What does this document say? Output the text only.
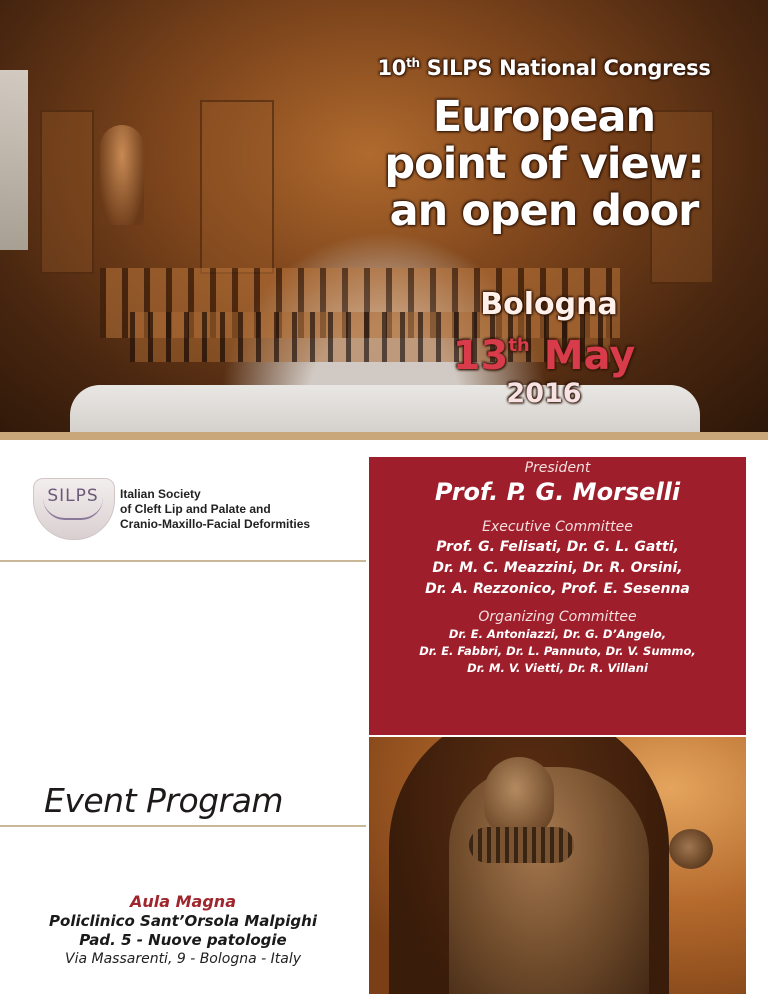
10th SILPS National Congress
European
point of view:
an open door
Bologna
13th May
2016
SILPS	Italian Society
of Cleft Lip and Palate and
Cranio-Maxillo-Facial Deformities
Event Program
Aula Magna
Policlinico Sant’Orsola Malpighi
Pad. 5 - Nuove patologie
Via Massarenti, 9 - Bologna - Italy
President
Prof. P. G. Morselli
Executive Committee
Prof. G. Felisati, Dr. G. L. Gatti,
Dr. M. C. Meazzini, Dr. R. Orsini,
Dr. A. Rezzonico, Prof. E. Sesenna
Organizing Committee
Dr. E. Antoniazzi, Dr. G. D’Angelo,
Dr. E. Fabbri, Dr. L. Pannuto, Dr. V. Summo,
Dr. M. V. Vietti, Dr. R. Villani
